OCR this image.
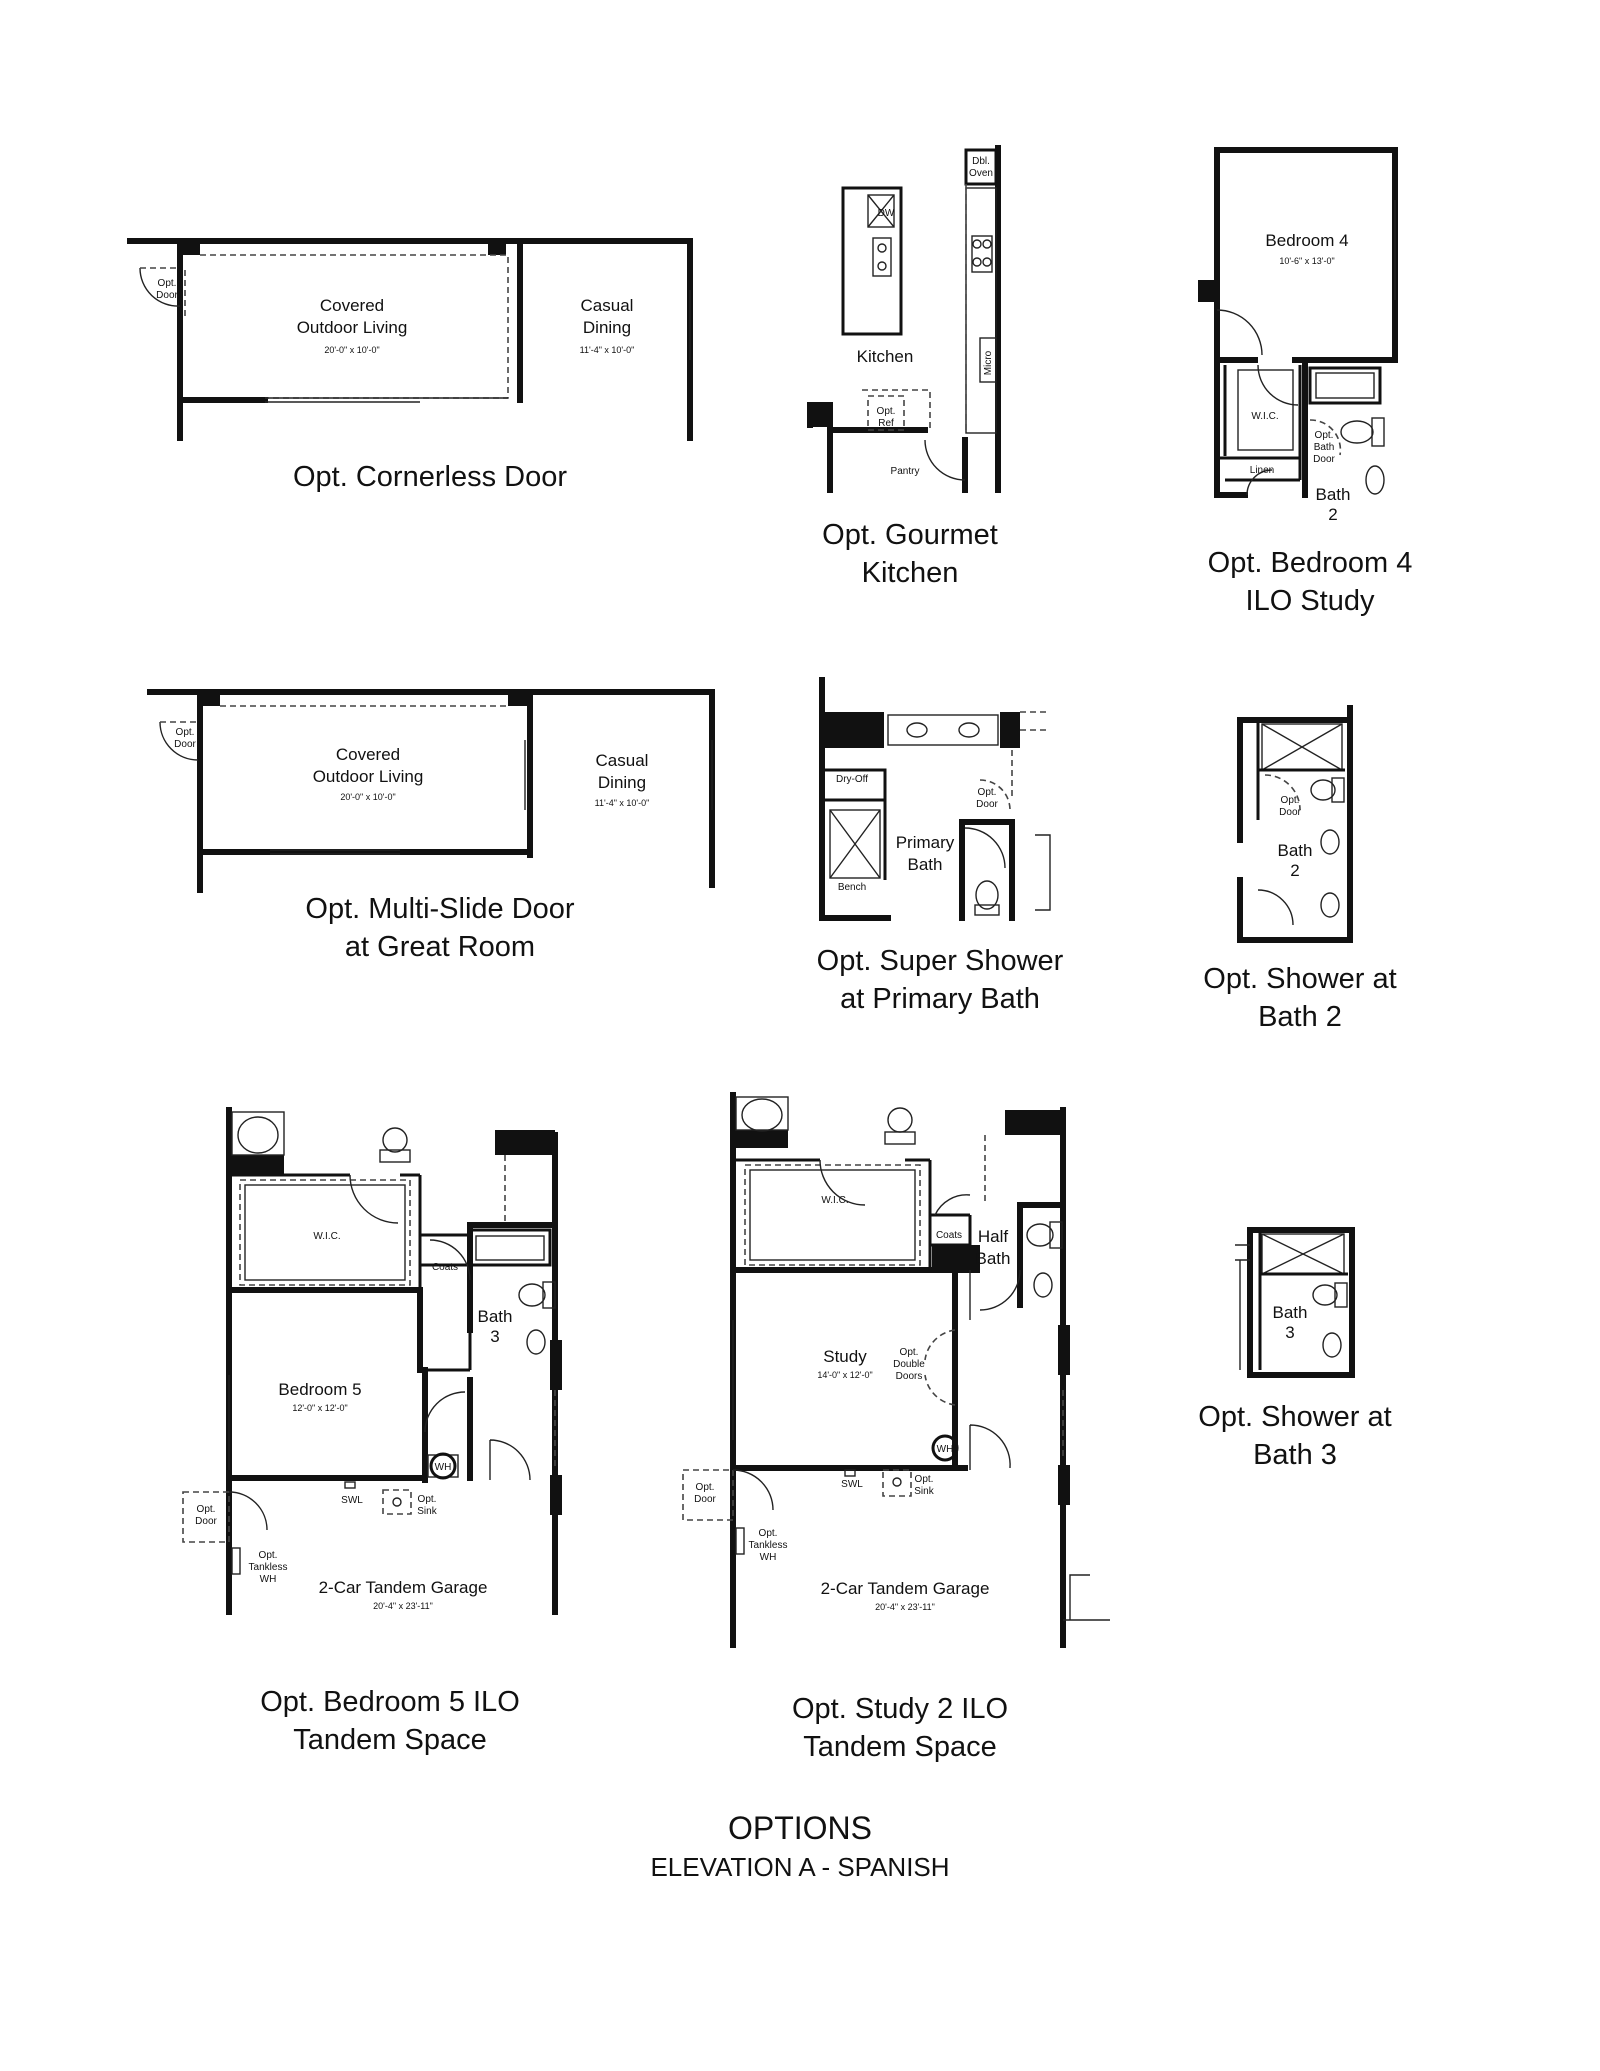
Opt.
Door
Covered
Outdoor Living
20'-0" x 10'-0"
Casual
Dining
11'-4" x 10'-0"
Dbl.
Oven
DW
Kitchen	Micro
Opt.
Ref
Pantry
Bedroom 4
10'-6" x 13'-0"
W.I.C.
Opt.
Bath
Door
Linen
Bath
2
Opt.
Door
Covered
Outdoor Living
20'-0" x 10'-0"
Casual
Dining
11'-4" x 10'-0"
Dry-Off
Opt.
Door
Primary
Bath
Bench
Opt.
Door
Bath
2
W.I.C.
Coats
Bath
3
Bedroom 5
12'-0" x 12'-0"
WH
SWL	Opt.
Sink
Opt.
Door
Opt.
Tankless
WH 2-Car Tandem Garage
20'-4" x 23'-11"
W.I.C.
Coats Half
Bath
Study
14'-0" x 12'-0"
Opt.
Double
Doors
WH
SWL	Opt.
Sink
Opt.
Door
Opt.
Tankless
WH
2-Car Tandem Garage
20'-4" x 23'-11"
Bath
3
Opt. Cornerless Door
Opt. Gourmet
Kitchen	Opt. Bedroom 4
ILO Study
Opt. Multi-Slide Door
at Great Room	Opt. Super Shower
at Primary Bath
Opt. Shower at
Bath 2
Opt. Bedroom 5 ILO
Tandem Space
Opt. Study 2 ILO
Tandem Space
Opt. Shower at
Bath 3
OPTIONS
ELEVATION A - SPANISH
